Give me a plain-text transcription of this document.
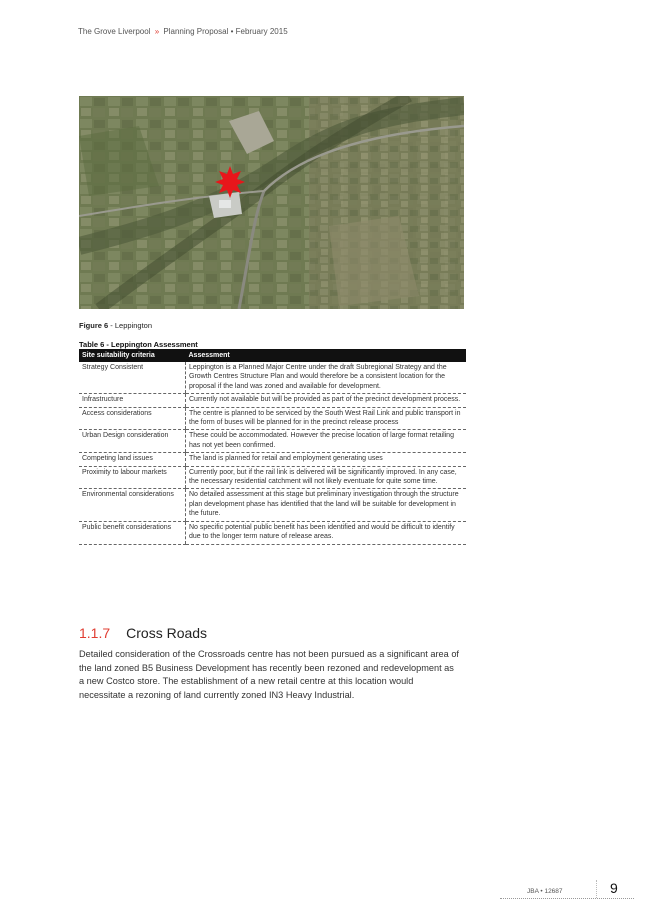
The Grove Liverpool » Planning Proposal • February 2015
Figure 6 - Leppington
Table 6 - Leppington Assessment
Site suitability criteria	Assessment
Strategy Consistent	Leppington is a Planned Major Centre under the draft Subregional Strategy and the Growth Centres Structure Plan and would therefore be a consistent location for the proposal if the land was zoned and available for development.
Infrastructure	Currently not available but will be provided as part of the precinct development process.
Access considerations	The centre is planned to be serviced by the South West Rail Link and public transport in the form of buses will be planned for in the precinct release process
Urban Design consideration	These could be accommodated. However the precise location of large format retailing has not yet been confirmed.
Competing land issues	The land is planned for retail and employment generating uses
Proximity to labour markets	Currently poor, but if the rail link is delivered will be significantly improved. In any case, the necessary residential catchment will not likely eventuate for quite some time.
Environmental considerations	No detailed assessment at this stage but preliminary investigation through the structure plan development phase has identified that the land will be suitable for development in the future.
Public benefit considerations	No specific potential public benefit has been identified and would be difficult to identify due to the longer term nature of release areas.
1.1.7 Cross Roads
Detailed consideration of the Crossroads centre has not been pursued as a significant area of the land zoned B5 Business Development has recently been rezoned and redevelopment as a new Costco store. The establishment of a new retail centre at this location would necessitate a rezoning of land currently zoned IN3 Heavy Industrial.
JBA • 12687	9
